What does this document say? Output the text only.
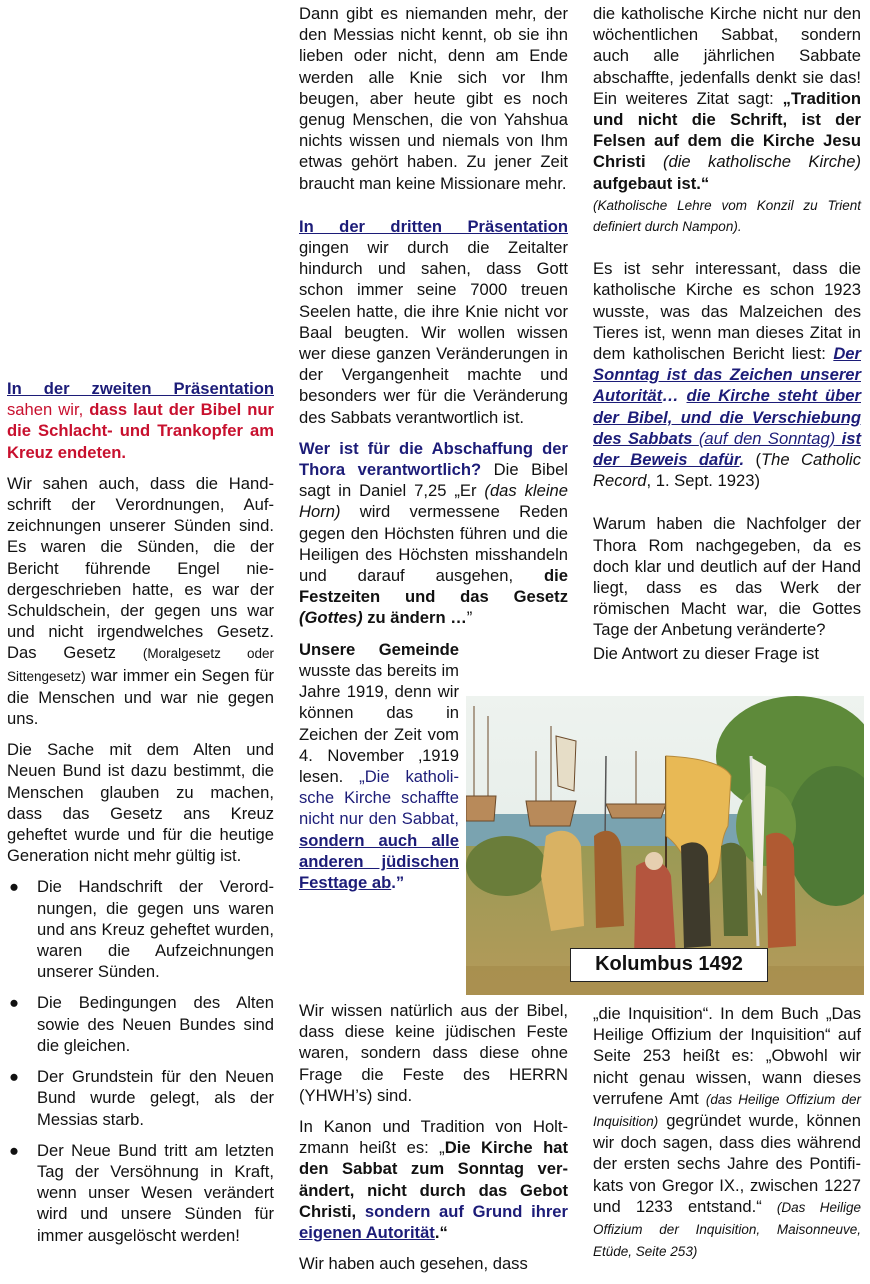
In der zweiten Präsentation
sahen wir, dass laut der Bibel nur die Schlacht- und Trankopfer am Kreuz endeten.

Wir sahen auch, dass die Handschrift der Verordnungen, Aufzeichnungen unserer Sünden sind. Es waren die Sünden, die der Bericht führende Engel niedergeschrieben hatte, es war der Schuldschein, der gegen uns war und nicht irgendwelches Gesetz. Das Gesetz (Moralgesetz oder Sittengesetz) war immer ein Segen für die Menschen und war nie gegen uns.

Die Sache mit dem Alten und Neuen Bund ist dazu bestimmt, die Menschen glauben zu machen, dass das Gesetz ans Kreuz geheftet wurde und für die heutige Generation nicht mehr gültig ist.

● Die Handschrift der Verordnungen, die gegen uns waren und ans Kreuz geheftet wurden, waren die Aufzeichnungen unserer Sünden.
● Die Bedingungen des Alten sowie des Neuen Bundes sind die gleichen.
● Der Grundstein für den Neuen Bund wurde gelegt, als der Messias starb.
● Der Neue Bund tritt am letzten Tag der Versöhnung in Kraft, wenn unser Wesen verändert wird und unsere Sünden für immer ausgelöscht werden!

Dann gibt es niemanden mehr, der den Messias nicht kennt, ob sie ihn lieben oder nicht, denn am Ende werden alle Knie sich vor Ihm beugen, aber heute gibt es noch genug Menschen, die von Yahshua nichts wissen und niemals von Ihm etwas gehört haben. Zu jener Zeit braucht man keine Missionare mehr.

In der dritten Präsentation
gingen wir durch die Zeitalter hindurch und sahen, dass Gott schon immer seine 7000 treuen Seelen hatte, die ihre Knie nicht vor Baal beugten. Wir wollen wissen wer diese ganzen Veränderungen in der Vergangenheit machte und besonders wer für die Veränderung des Sabbats verantwortlich ist.

Wer ist für die Abschaffung der Thora verantwortlich? Die Bibel sagt in Daniel 7,25 „Er (das kleine Horn) wird vermessene Reden gegen den Höchsten führen und die Heiligen des Höchsten misshandeln und darauf ausgehen, die Festzeiten und das Gesetz (Gottes) zu ändern …”

Unsere Gemeinde wusste das bereits im Jahre 1919, denn wir können das in Zeichen der Zeit vom 4. November ‚1919 lesen. „Die katholische Kirche schaffte nicht nur den Sabbat, sondern auch alle anderen jüdischen Festtage ab.”

Wir wissen natürlich aus der Bibel, dass diese keine jüdischen Feste waren, sondern dass diese ohne Frage die Feste des HERRN (YHWH’s) sind.

In Kanon und Tradition von Holtzmann heißt es: „Die Kirche hat den Sabbat zum Sonntag verändert, nicht durch das Gebot Christi, sondern auf Grund ihrer eigenen Autorität.“

Wir haben auch gesehen, dass

die katholische Kirche nicht nur den wöchentlichen Sabbat, sondern auch alle jährlichen Sabbate abschaffte, jedenfalls denkt sie das! Ein weiteres Zitat sagt: „Tradition und nicht die Schrift, ist der Felsen auf dem die Kirche Jesu Christi (die katholische Kirche) aufgebaut ist.“
(Katholische Lehre vom Konzil zu Trient definiert durch Nampon).

Es ist sehr interessant, dass die katholische Kirche es schon 1923 wusste, was das Malzeichen des Tieres ist, wenn man dieses Zitat in dem katholischen Bericht liest: Der Sonntag ist das Zeichen unserer Autorität… die Kirche steht über der Bibel, und die Verschiebung des Sabbats (auf den Sonntag) ist der Beweis dafür. (The Catholic Record, 1. Sept. 1923)

Warum haben die Nachfolger der Thora Rom nachgegeben, da es doch klar und deutlich auf der Hand liegt, dass es das Werk der römischen Macht war, die Gottes Tage der Anbetung veränderte?

Die Antwort zu dieser Frage ist

„die Inquisition“. In dem Buch „Das Heilige Offizium der Inquisition“ auf Seite 253 heißt es: „Obwohl wir nicht genau wissen, wann dieses verrufene Amt (das Heilige Offizium der Inquisition) gegründet wurde, können wir doch sagen, dass dies während der ersten sechs Jahre des Pontifikats von Gregor IX., zwischen 1227 und 1233 entstand.“ (Das Heilige Offizium der Inquisition, Maisonneuve, Etüde, Seite 253)

Kolumbus 1492
